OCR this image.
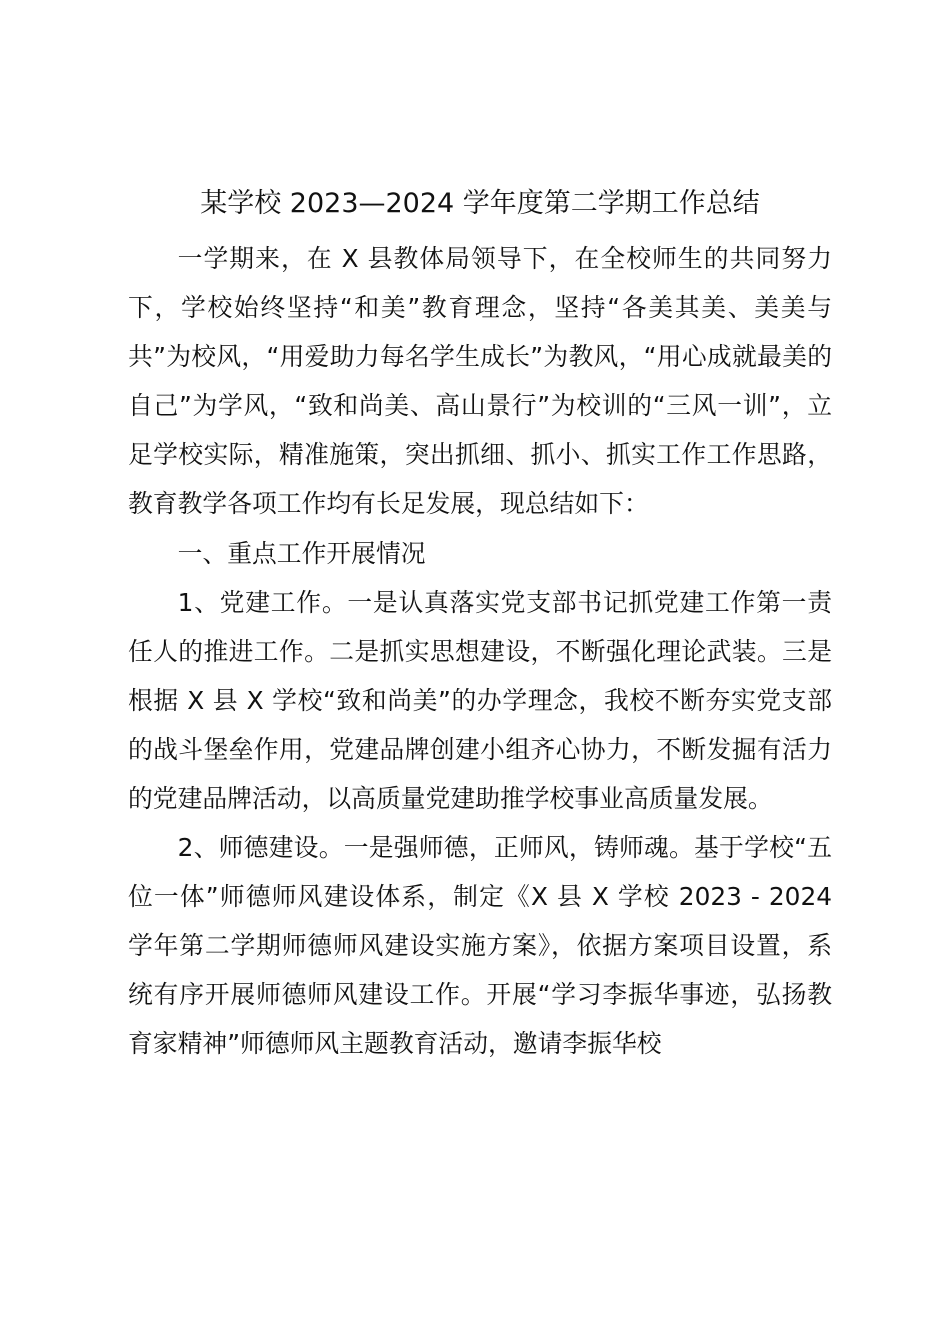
某学校 2023—2024 学年度第二学期工作总结

一学期来，在 X 县教体局领导下，在全校师生的共同努力下，学校始终坚持“和美”教育理念，坚持“各美其美、美美与共”为校风，“用爱助力每名学生成长”为教风，“用心成就最美的自己”为学风，“致和尚美、高山景行”为校训的“三风一训”，立足学校实际，精准施策，突出抓细、抓小、抓实工作工作思路，教育教学各项工作均有长足发展，现总结如下：

一、重点工作开展情况

1、党建工作。一是认真落实党支部书记抓党建工作第一责任人的推进工作。二是抓实思想建设，不断强化理论武装。三是根据 X 县 X 学校“致和尚美”的办学理念，我校不断夯实党支部的战斗堡垒作用，党建品牌创建小组齐心协力，不断发掘有活力的党建品牌活动，以高质量党建助推学校事业高质量发展。

2、师德建设。一是强师德，正师风，铸师魂。基于学校“五位一体”师德师风建设体系，制定《X 县 X 学校 2023 - 2024 学年第二学期师德师风建设实施方案》，依据方案项目设置，系统有序开展师德师风建设工作。开展“学习李振华事迹，弘扬教育家精神”师德师风主题教育活动，邀请李振华校
